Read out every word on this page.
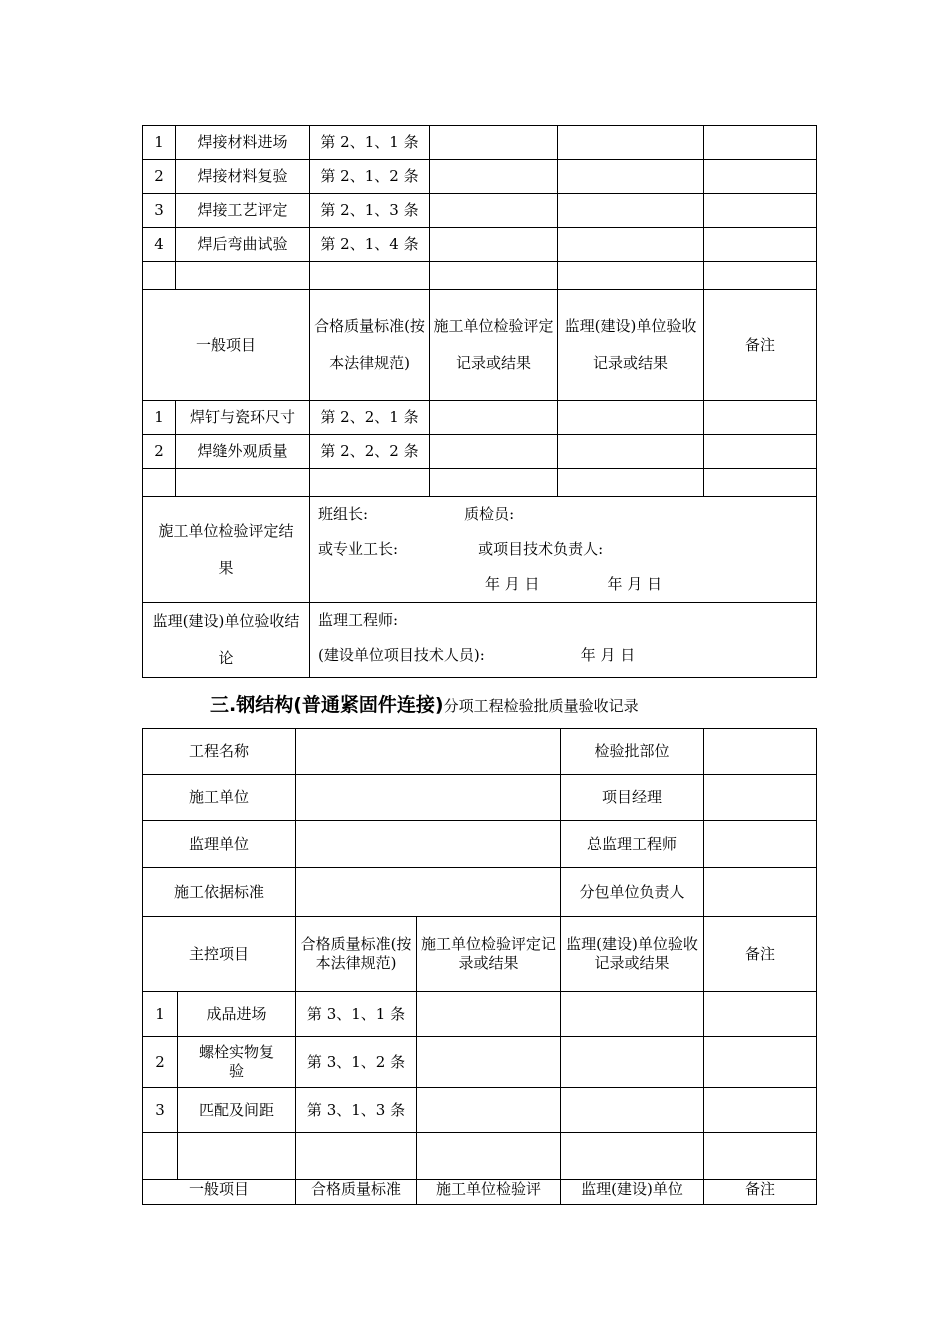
1	焊接材料进场	第 2、1、1 条			
2	焊接材料复验	第 2、1、2 条			
3	焊接工艺评定	第 2、1、3 条			
4	焊后弯曲试验	第 2、1、4 条			

一般项目		合格质量标准(按本法律规范)	施工单位检验评定记录或结果	监理(建设)单位验收记录或结果	备注
1	焊钉与瓷环尺寸	第 2、2、1 条			
2	焊缝外观质量	第 2、2、2 条			

旎工单位检验评定结果		班组长: 质检员:
或专业工长: 或项目技术负责人:
年 月 日 年 月 日			

监理(建设)单位验收结论		监理工程师:
(建设单位项目技术人员): 年 月 日			
三.钢结构(普通紧固件连接)分项工程检验批质量验收记录
工程名称				检验批部位	
施工单位				项目经理	
监理单位				总监理工程师	
施工依据标准				分包单位负责人	
主控项目		合格质量标准(按本法律规范)	施工单位检验评定记录或结果	监理(建设)单位验收记录或结果	备注
1	成品进场	第 3、1、1 条			
2	螺栓实物复验	第 3、1、2 条			
3	匹配及间距	第 3、1、3 条			

一般项目		合格质量标准	施工单位检验评	监理(建设)单位	备注
